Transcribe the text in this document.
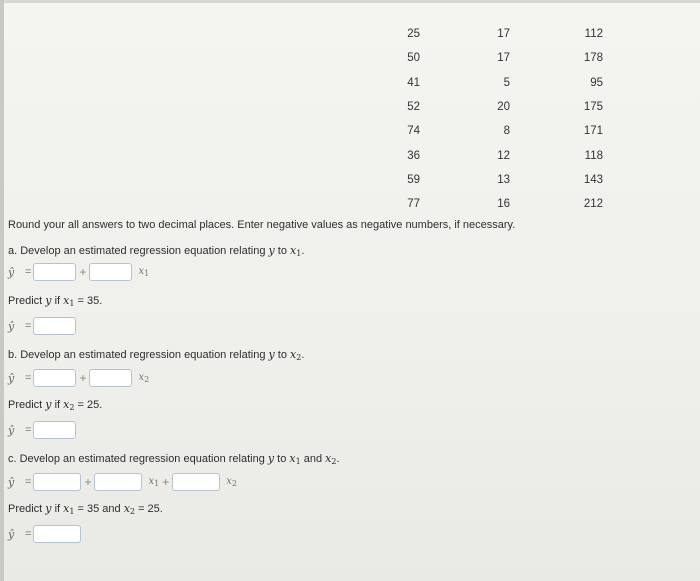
25	17	112
50	17	178
41	5	95
52	20	175
74	8	171
36	12	118
59	13	143
77	16	212
Round your all answers to two decimal places. Enter negative values as negative numbers, if necessary.
a. Develop an estimated regression equation relating y to $x_1$.
ŷ =	+	$x_1$
Predict y if $x_1 = 35$.
ŷ =
b. Develop an estimated regression equation relating y to $x_2$.
ŷ =	+	$x_2$
Predict y if $x_2 = 25$.
ŷ =
c. Develop an estimated regression equation relating y to $x_1$ and $x_2$.
ŷ =	+	$x_1$ +	$x_2$
Predict y if $x_1 = 35$ and $x_2 = 25$.
ŷ =
